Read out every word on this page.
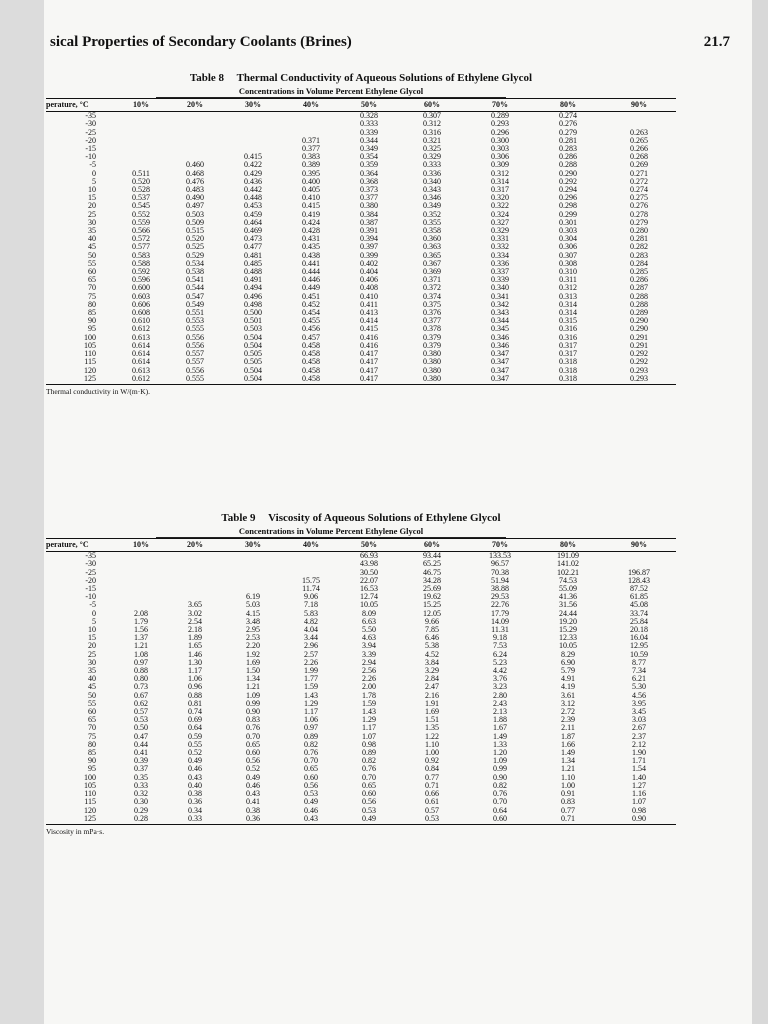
sical Properties of Secondary Coolants (Brines)	21.7
Table 8 Thermal Conductivity of Aqueous Solutions of Ethylene Glycol
Concentrations in Volume Percent Ethylene Glycol
perature, °C	10%	20%	30%	40%	50%	60%	70%	80%	90%
-35					0.328	0.307	0.289	0.274	
-30					0.333	0.312	0.293	0.276	
-25					0.339	0.316	0.296	0.279	0.263
-20				0.371	0.344	0.321	0.300	0.281	0.265
-15				0.377	0.349	0.325	0.303	0.283	0.266
-10			0.415	0.383	0.354	0.329	0.306	0.286	0.268
-5		0.460	0.422	0.389	0.359	0.333	0.309	0.288	0.269
0	0.511	0.468	0.429	0.395	0.364	0.336	0.312	0.290	0.271
5	0.520	0.476	0.436	0.400	0.368	0.340	0.314	0.292	0.272
10	0.528	0.483	0.442	0.405	0.373	0.343	0.317	0.294	0.274
15	0.537	0.490	0.448	0.410	0.377	0.346	0.320	0.296	0.275
20	0.545	0.497	0.453	0.415	0.380	0.349	0.322	0.298	0.276
25	0.552	0.503	0.459	0.419	0.384	0.352	0.324	0.299	0.278
30	0.559	0.509	0.464	0.424	0.387	0.355	0.327	0.301	0.279
35	0.566	0.515	0.469	0.428	0.391	0.358	0.329	0.303	0.280
40	0.572	0.520	0.473	0.431	0.394	0.360	0.331	0.304	0.281
45	0.577	0.525	0.477	0.435	0.397	0.363	0.332	0.306	0.282
50	0.583	0.529	0.481	0.438	0.399	0.365	0.334	0.307	0.283
55	0.588	0.534	0.485	0.441	0.402	0.367	0.336	0.308	0.284
60	0.592	0.538	0.488	0.444	0.404	0.369	0.337	0.310	0.285
65	0.596	0.541	0.491	0.446	0.406	0.371	0.339	0.311	0.286
70	0.600	0.544	0.494	0.449	0.408	0.372	0.340	0.312	0.287
75	0.603	0.547	0.496	0.451	0.410	0.374	0.341	0.313	0.288
80	0.606	0.549	0.498	0.452	0.411	0.375	0.342	0.314	0.288
85	0.608	0.551	0.500	0.454	0.413	0.376	0.343	0.314	0.289
90	0.610	0.553	0.501	0.455	0.414	0.377	0.344	0.315	0.290
95	0.612	0.555	0.503	0.456	0.415	0.378	0.345	0.316	0.290
100	0.613	0.556	0.504	0.457	0.416	0.379	0.346	0.316	0.291
105	0.614	0.556	0.504	0.458	0.416	0.379	0.346	0.317	0.291
110	0.614	0.557	0.505	0.458	0.417	0.380	0.347	0.317	0.292
115	0.614	0.557	0.505	0.458	0.417	0.380	0.347	0.318	0.292
120	0.613	0.556	0.504	0.458	0.417	0.380	0.347	0.318	0.293
125	0.612	0.555	0.504	0.458	0.417	0.380	0.347	0.318	0.293
Thermal conductivity in W/(m·K).
Table 9 Viscosity of Aqueous Solutions of Ethylene Glycol
Concentrations in Volume Percent Ethylene Glycol
perature, °C	10%	20%	30%	40%	50%	60%	70%	80%	90%
-35					66.93	93.44	133.53	191.09	
-30					43.98	65.25	96.57	141.02	
-25					30.50	46.75	70.38	102.21	196.87
-20				15.75	22.07	34.28	51.94	74.53	128.43
-15				11.74	16.53	25.69	38.88	55.09	87.52
-10			6.19	9.06	12.74	19.62	29.53	41.36	61.85
-5		3.65	5.03	7.18	10.05	15.25	22.76	31.56	45.08
0	2.08	3.02	4.15	5.83	8.09	12.05	17.79	24.44	33.74
5	1.79	2.54	3.48	4.82	6.63	9.66	14.09	19.20	25.84
10	1.56	2.18	2.95	4.04	5.50	7.85	11.31	15.29	20.18
15	1.37	1.89	2.53	3.44	4.63	6.46	9.18	12.33	16.04
20	1.21	1.65	2.20	2.96	3.94	5.38	7.53	10.05	12.95
25	1.08	1.46	1.92	2.57	3.39	4.52	6.24	8.29	10.59
30	0.97	1.30	1.69	2.26	2.94	3.84	5.23	6.90	8.77
35	0.88	1.17	1.50	1.99	2.56	3.29	4.42	5.79	7.34
40	0.80	1.06	1.34	1.77	2.26	2.84	3.76	4.91	6.21
45	0.73	0.96	1.21	1.59	2.00	2.47	3.23	4.19	5.30
50	0.67	0.88	1.09	1.43	1.78	2.16	2.80	3.61	4.56
55	0.62	0.81	0.99	1.29	1.59	1.91	2.43	3.12	3.95
60	0.57	0.74	0.90	1.17	1.43	1.69	2.13	2.72	3.45
65	0.53	0.69	0.83	1.06	1.29	1.51	1.88	2.39	3.03
70	0.50	0.64	0.76	0.97	1.17	1.35	1.67	2.11	2.67
75	0.47	0.59	0.70	0.89	1.07	1.22	1.49	1.87	2.37
80	0.44	0.55	0.65	0.82	0.98	1.10	1.33	1.66	2.12
85	0.41	0.52	0.60	0.76	0.89	1.00	1.20	1.49	1.90
90	0.39	0.49	0.56	0.70	0.82	0.92	1.09	1.34	1.71
95	0.37	0.46	0.52	0.65	0.76	0.84	0.99	1.21	1.54
100	0.35	0.43	0.49	0.60	0.70	0.77	0.90	1.10	1.40
105	0.33	0.40	0.46	0.56	0.65	0.71	0.82	1.00	1.27
110	0.32	0.38	0.43	0.53	0.60	0.66	0.76	0.91	1.16
115	0.30	0.36	0.41	0.49	0.56	0.61	0.70	0.83	1.07
120	0.29	0.34	0.38	0.46	0.53	0.57	0.64	0.77	0.98
125	0.28	0.33	0.36	0.43	0.49	0.53	0.60	0.71	0.90
Viscosity in mPa·s.
